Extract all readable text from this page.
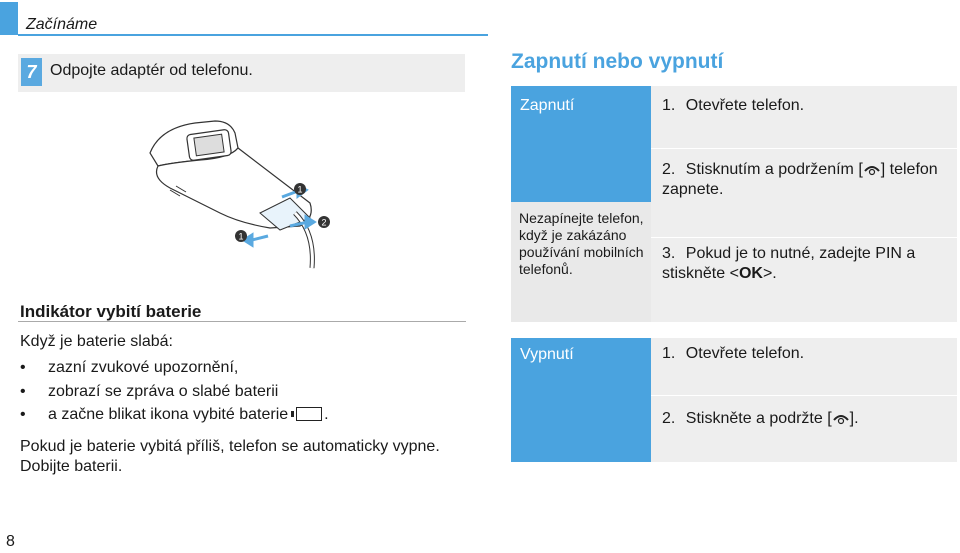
Začínáme
7 Odpojte adaptér od telefonu.
1
1
2
Indikátor vybití baterie
Když je baterie slabá:
• zazní zvukové upozornění,
• zobrazí se zpráva o slabé baterii
• a začne blikat ikona vybité baterie .
Pokud je baterie vybitá příliš, telefon se automaticky vypne. Dobijte baterii.
Zapnutí nebo vypnutí
Zapnutí
Nezapínejte telefon, když je zakázáno používání mobilních telefonů.
1. Otevřete telefon.
2. Stisknutím a podržením [ ] telefon zapnete.
3. Pokud je to nutné, zadejte PIN a stiskněte <OK>.
Vypnutí	1. Otevřete telefon.
2. Stiskněte a podržte [ ].
8
